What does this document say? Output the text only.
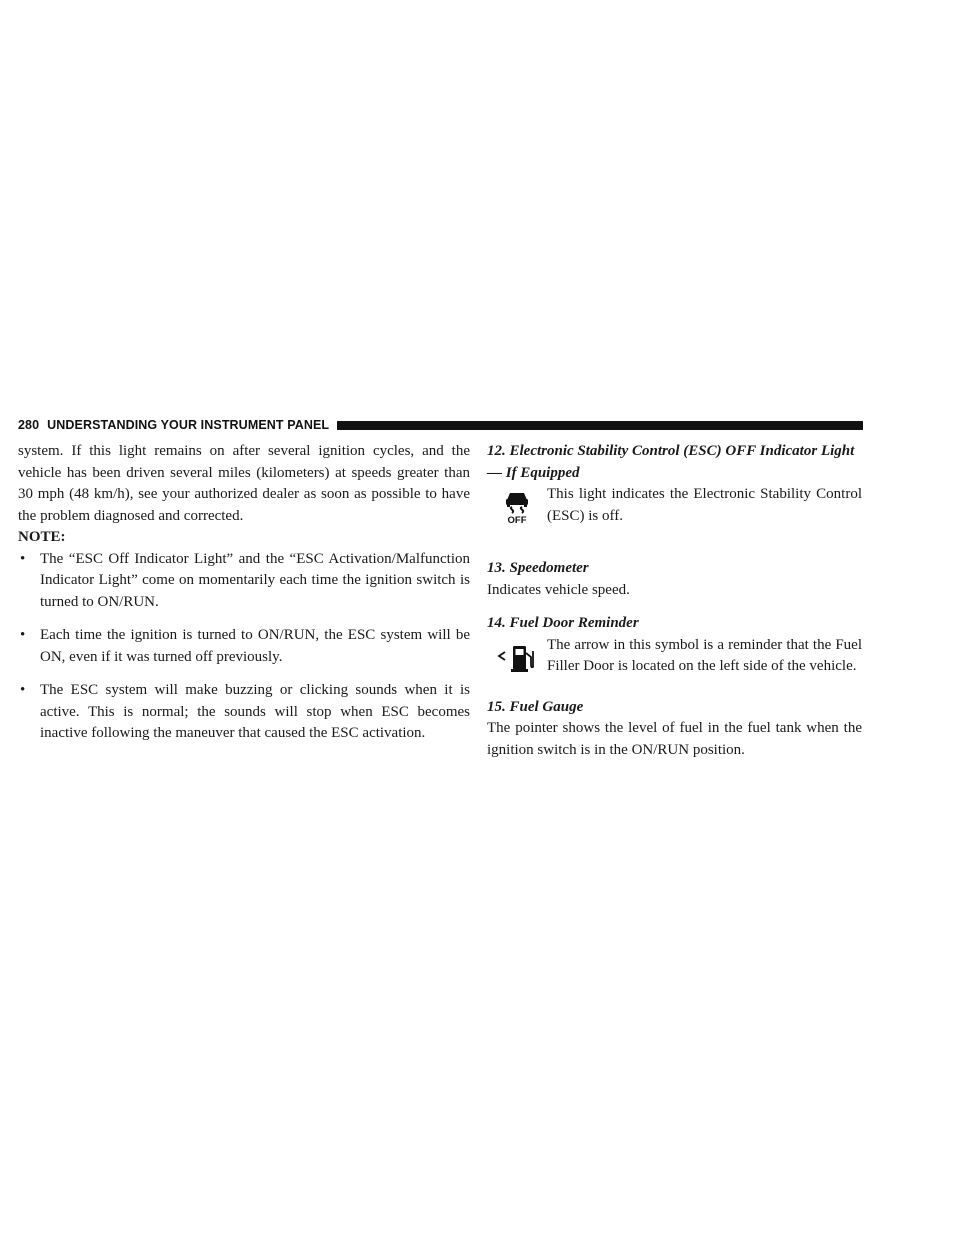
280 UNDERSTANDING YOUR INSTRUMENT PANEL

system. If this light remains on after several ignition cycles, and the vehicle has been driven several miles (kilometers) at speeds greater than 30 mph (48 km/h), see your authorized dealer as soon as possible to have the problem diagnosed and corrected.

NOTE:

• The “ESC Off Indicator Light” and the “ESC Activation/Malfunction Indicator Light” come on momentarily each time the ignition switch is turned to ON/RUN.
• Each time the ignition is turned to ON/RUN, the ESC system will be ON, even if it was turned off previously.
• The ESC system will make buzzing or clicking sounds when it is active. This is normal; the sounds will stop when ESC becomes inactive following the maneuver that caused the ESC activation.

12. Electronic Stability Control (ESC) OFF Indicator Light — If Equipped

OFF

This light indicates the Electronic Stability Control (ESC) is off.

13. Speedometer

Indicates vehicle speed.

14. Fuel Door Reminder

The arrow in this symbol is a reminder that the Fuel Filler Door is located on the left side of the vehicle.

15. Fuel Gauge

The pointer shows the level of fuel in the fuel tank when the ignition switch is in the ON/RUN position.
